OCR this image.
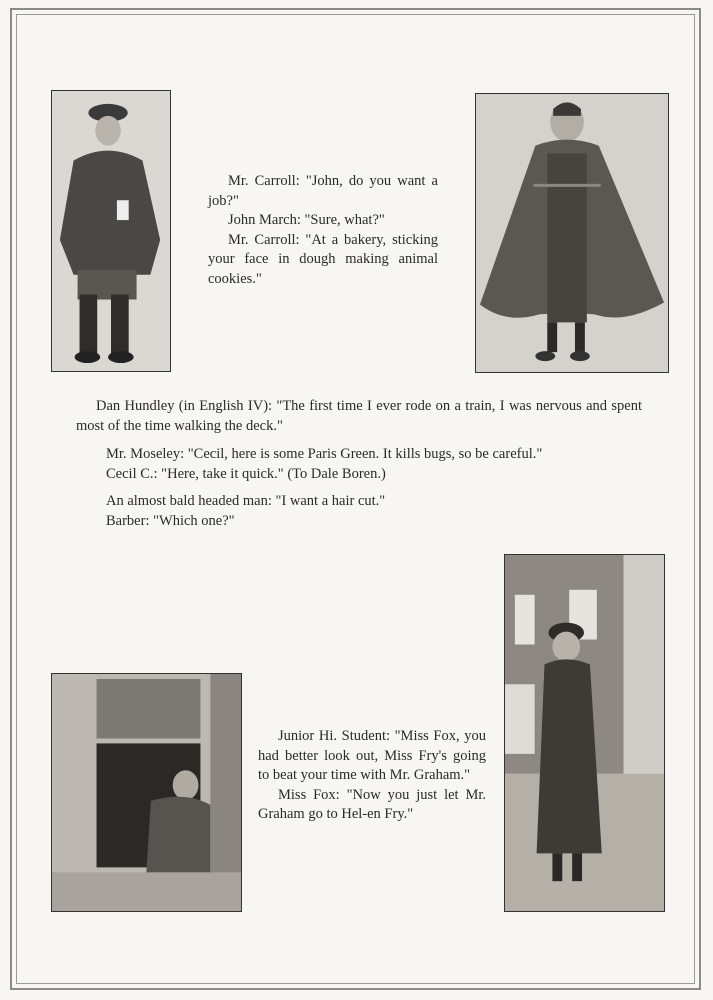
Mr. Carroll: "John, do you want a job?"

John March: "Sure, what?"

Mr. Carroll: "At a bakery, sticking your face in dough making animal cookies."

Dan Hundley (in English IV): "The first time I ever rode on a train, I was nervous and spent most of the time walking the deck."

Mr. Moseley: "Cecil, here is some Paris Green. It kills bugs, so be careful."

Cecil C.: "Here, take it quick." (To Dale Boren.)

An almost bald headed man: "I want a hair cut."

Barber: "Which one?"

Junior Hi. Student: "Miss Fox, you had better look out, Miss Fry's going to beat your time with Mr. Graham."

Miss Fox: "Now you just let Mr. Graham go to Hel-en Fry."
